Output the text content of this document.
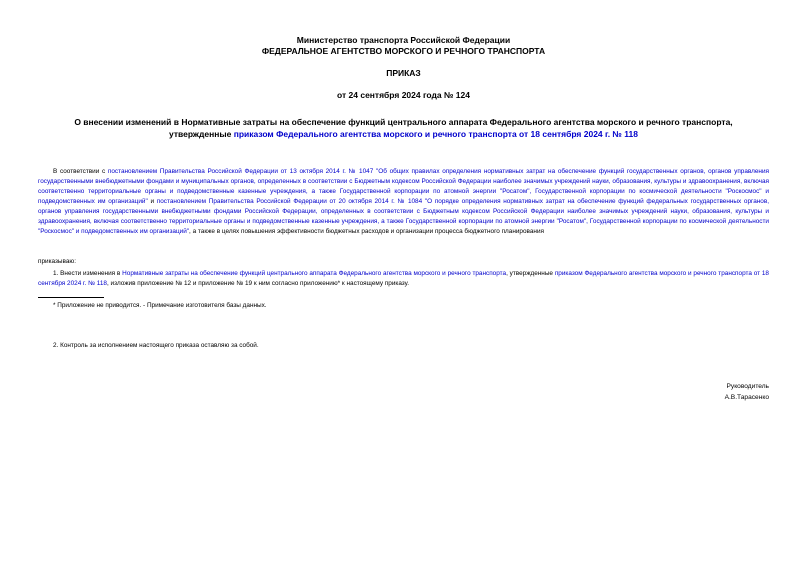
Министерство транспорта Российской Федерации
ФЕДЕРАЛЬНОЕ АГЕНТСТВО МОРСКОГО И РЕЧНОГО ТРАНСПОРТА
ПРИКАЗ
от 24 сентября 2024 года № 124
О внесении изменений в Нормативные затраты на обеспечение функций центрального аппарата Федерального агентства морского и речного транспорта,
утвержденные приказом Федерального агентства морского и речного транспорта от 18 сентября 2024 г. № 118
В соответствии с постановлением Правительства Российской Федерации от 13 октября 2014 г. № 1047 "Об общих правилах определения нормативных затрат на обеспечение функций государственных органов, органов управления государственными внебюджетными фондами и муниципальных органов, определенных в соответствии с Бюджетным кодексом Российской Федерации наиболее значимых учреждений науки, образования, культуры и здравоохранения, включая соответственно территориальные органы и подведомственные казенные учреждения, а также Государственной корпорации по атомной энергии "Росатом", Государственной корпорации по космической деятельности "Роскосмос" и подведомственных им организаций" и постановлением Правительства Российской Федерации от 20 октября 2014 г. № 1084 "О порядке определения нормативных затрат на обеспечение функций федеральных государственных органов, органов управления государственными внебюджетными фондами Российской Федерации, определенных в соответствии с Бюджетным кодексом Российской Федерации наиболее значимых учреждений науки, образования, культуры и здравоохранения, включая соответственно территориальные органы и подведомственные казенные учреждения, а также Государственной корпорации по атомной энергии "Росатом", Государственной корпорации по космической деятельности "Роскосмос" и подведомственных им организаций", а также в целях повышения эффективности бюджетных расходов и организации процесса бюджетного планирования
приказываю:
1. Внести изменения в Нормативные затраты на обеспечение функций центрального аппарата Федерального агентства морского и речного транспорта, утвержденные приказом Федерального агентства морского и речного транспорта от 18 сентября 2024 г. № 118, изложив приложение № 12 и приложение № 19 к ним согласно приложению* к настоящему приказу.
* Приложение не приводится. - Примечание изготовителя базы данных.
2. Контроль за исполнением настоящего приказа оставляю за собой.
Руководитель
А.В.Тарасенко
